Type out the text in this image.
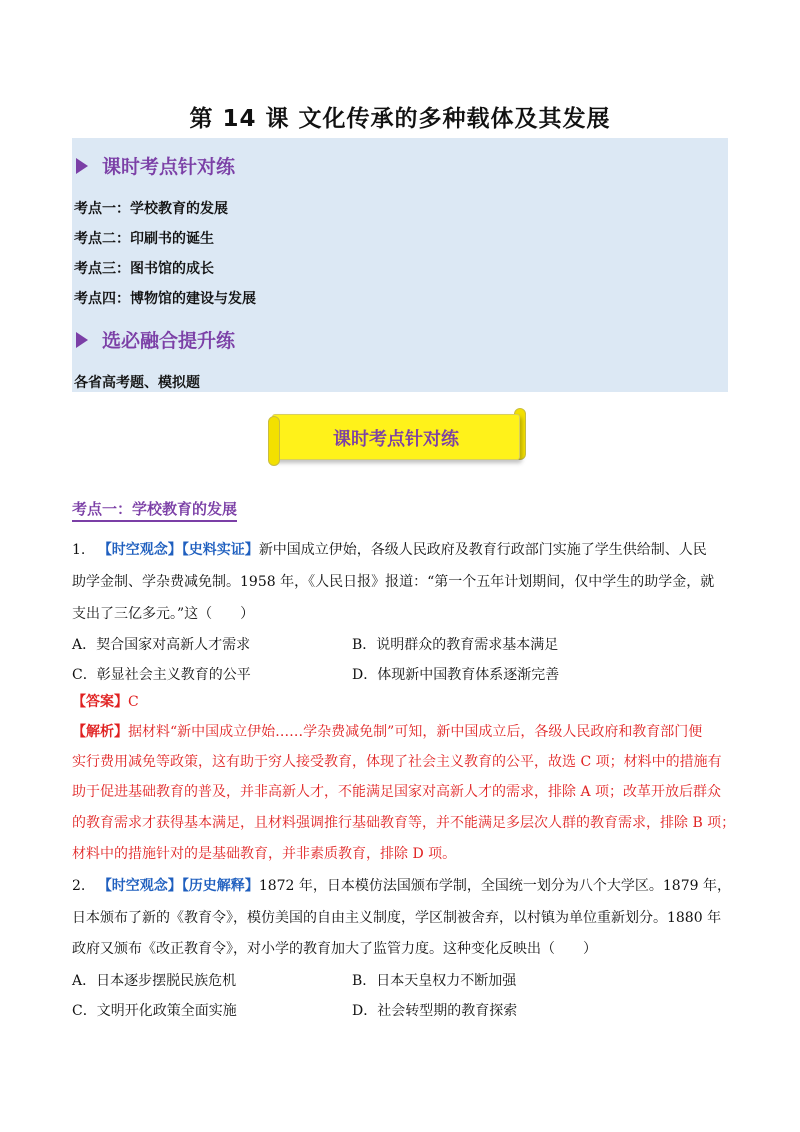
第 14 课 文化传承的多种载体及其发展
课时考点针对练
考点一：学校教育的发展
考点二：印刷书的诞生
考点三：图书馆的成长
考点四：博物馆的建设与发展
选必融合提升练
各省高考题、模拟题
课时考点针对练
考点一：学校教育的发展
1. 【时空观念】【史料实证】新中国成立伊始，各级人民政府及教育行政部门实施了学生供给制、人民
助学金制、学杂费减免制。1958 年，《人民日报》报道：“第一个五年计划期间，仅中学生的助学金，就
支出了三亿多元。”这（　　）
A．契合国家对高新人才需求	B．说明群众的教育需求基本满足
C．彰显社会主义教育的公平	D．体现新中国教育体系逐渐完善
【答案】C
【解析】据材料“新中国成立伊始……学杂费减免制”可知，新中国成立后，各级人民政府和教育部门便
实行费用减免等政策，这有助于穷人接受教育，体现了社会主义教育的公平，故选 C 项；材料中的措施有
助于促进基础教育的普及，并非高新人才，不能满足国家对高新人才的需求，排除 A 项；改革开放后群众
的教育需求才获得基本满足，且材料强调推行基础教育等，并不能满足多层次人群的教育需求，排除 B 项；
材料中的措施针对的是基础教育，并非素质教育，排除 D 项。
2. 【时空观念】【历史解释】1872 年，日本模仿法国颁布学制，全国统一划分为八个大学区。1879 年，
日本颁布了新的《教育令》，模仿美国的自由主义制度，学区制被舍弃，以村镇为单位重新划分。1880 年
政府又颁布《改正教育令》，对小学的教育加大了监管力度。这种变化反映出（　　）
A．日本逐步摆脱民族危机	B．日本天皇权力不断加强
C．文明开化政策全面实施	D．社会转型期的教育探索
